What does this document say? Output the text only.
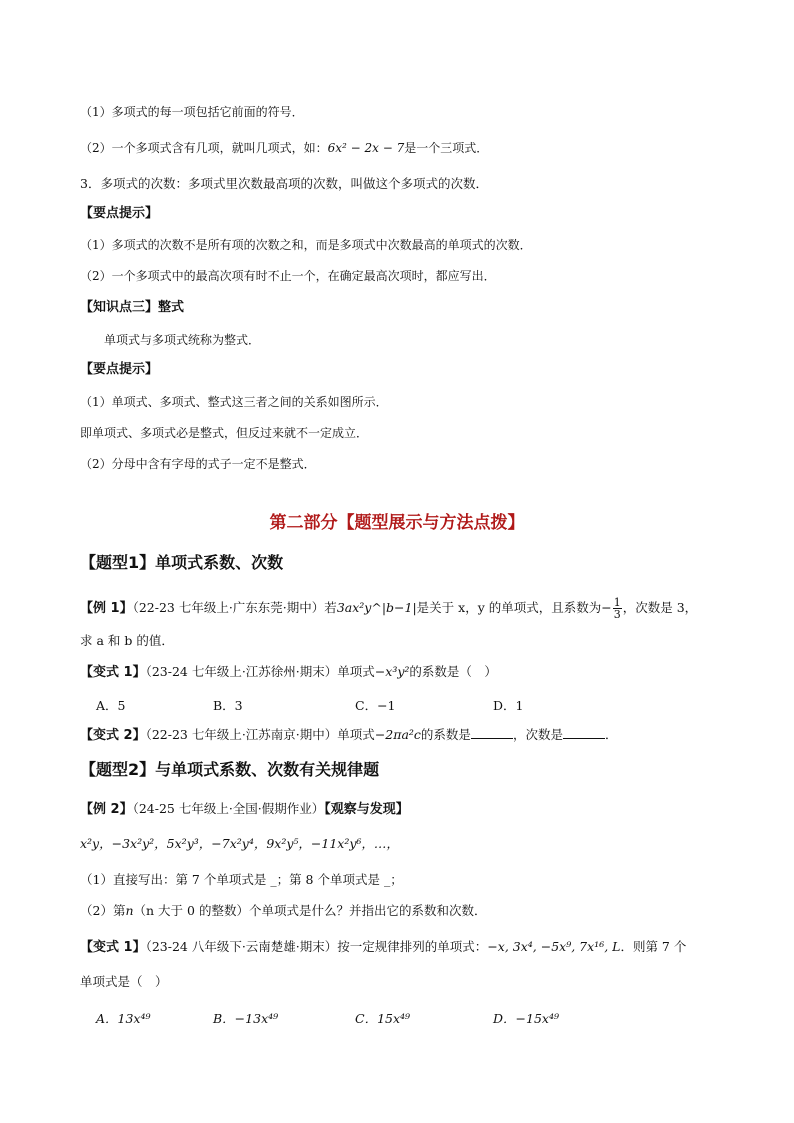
（1）多项式的每一项包括它前面的符号．
（2）一个多项式含有几项，就叫几项式，如：6x² − 2x − 7是一个三项式．
3．多项式的次数：多项式里次数最高项的次数，叫做这个多项式的次数．
【要点提示】
（1）多项式的次数不是所有项的次数之和，而是多项式中次数最高的单项式的次数．
（2）一个多项式中的最高次项有时不止一个，在确定最高次项时，都应写出．
【知识点三】整式
单项式与多项式统称为整式．
【要点提示】
（1）单项式、多项式、整式这三者之间的关系如图所示．
即单项式、多项式必是整式，但反过来就不一定成立．
（2）分母中含有字母的式子一定不是整式．
第二部分【题型展示与方法点拨】
【题型1】单项式系数、次数
【例 1】（22-23 七年级上·广东东莞·期中）若3ax²y^|b−1|是关于 x，y 的单项式，且系数为− $\frac{1}{3}$ ，次数是 3，
求 a 和 b 的值．
【变式 1】（23-24 七年级上·江苏徐州·期末）单项式−x³y²的系数是（　）
A．5	B．3	C．−1	D．1
【变式 2】（22-23 七年级上·江苏南京·期中）单项式−2πa²c的系数是	，次数是	．
【题型2】与单项式系数、次数有关规律题
【例 2】（24-25 七年级上·全国·假期作业）【观察与发现】
x²y，−3x²y²，5x²y³，−7x²y⁴，9x²y⁵，−11x²y⁶，…，
（1）直接写出：第 7 个单项式是 _；第 8 个单项式是 _；
（2）第n（n 大于 0 的整数）个单项式是什么？并指出它的系数和次数．
【变式 1】（23-24 八年级下·云南楚雄·期末）按一定规律排列的单项式：−x, 3x⁴, −5x⁹, 7x¹⁶, L．则第 7 个
单项式是（　）
A．13x⁴⁹	B．−13x⁴⁹	C．15x⁴⁹	D．−15x⁴⁹
